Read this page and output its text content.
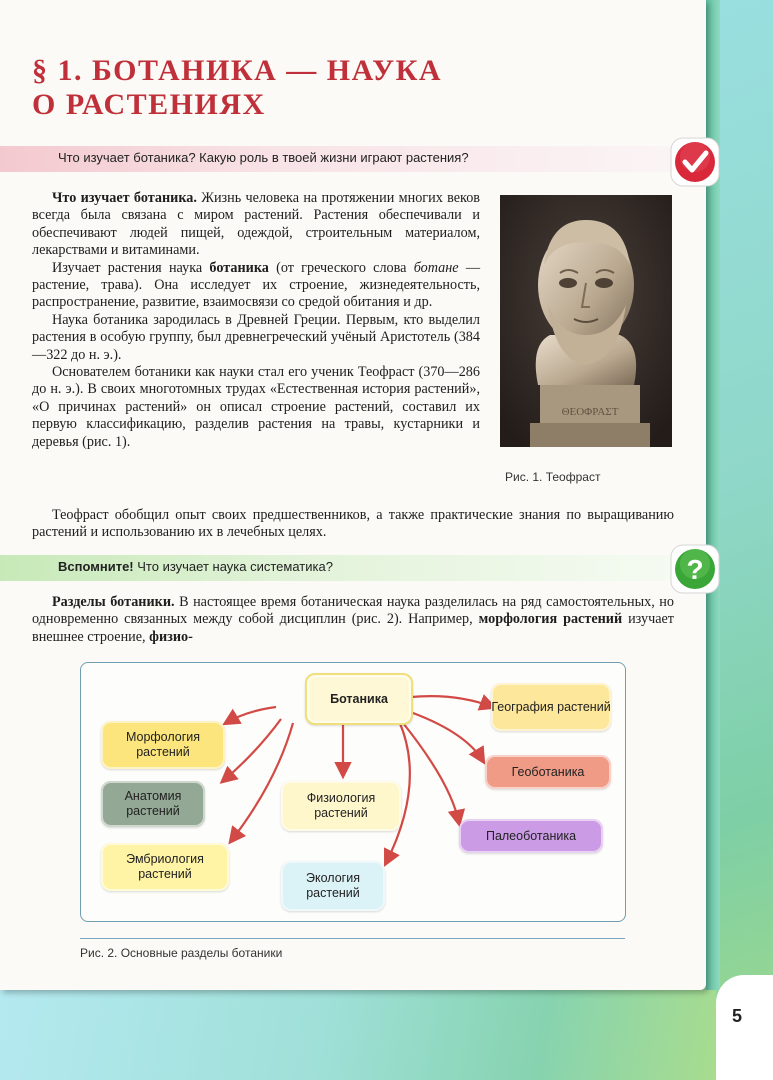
§ 1. БОТАНИКА — НАУКА
О РАСТЕНИЯХ
Что изучает ботаника? Какую роль в твоей жизни играют растения?

Что изучает ботаника. Жизнь человека на протяжении многих веков всегда была связана с миром растений. Растения обеспечивали и обеспечивают людей пищей, одеждой, строительным материалом, лекарствами и витаминами.

Изучает растения наука ботаника (от греческого слова ботане — растение, трава). Она исследует их строение, жизнедеятельность, распространение, развитие, взаимосвязи со средой обитания и др.

Наука ботаника зародилась в Древней Греции. Первым, кто выделил растения в особую группу, был древнегреческий учёный Аристотель (384—322 до н. э.).

Основателем ботаники как науки стал его ученик Теофраст (370—286 до н. э.). В своих многотомных трудах «Естественная история растений», «О причинах растений» он описал строение растений, составил их первую классификацию, разделив растения на травы, кустарники и деревья (рис. 1).

ΘΕΟΦΡΑΣΤ
Рис. 1. Теофраст

Теофраст обобщил опыт своих предшественников, а также практические знания по выращиванию растений и использованию их в лечебных целях.

Вспомните! Что изучает наука систематика?	?

Разделы ботаники. В настоящее время ботаническая наука разделилась на ряд самостоятельных, но одновременно связанных между собой дисциплин (рис. 2). Например, морфология растений изучает внешнее строение, физио-

Ботаника
Морфология растений
Анатомия растений
Эмбриология растений
Физиология растений
Экология растений
География растений
Геоботаника
Палеоботаника
Рис. 2. Основные разделы ботаники
5
